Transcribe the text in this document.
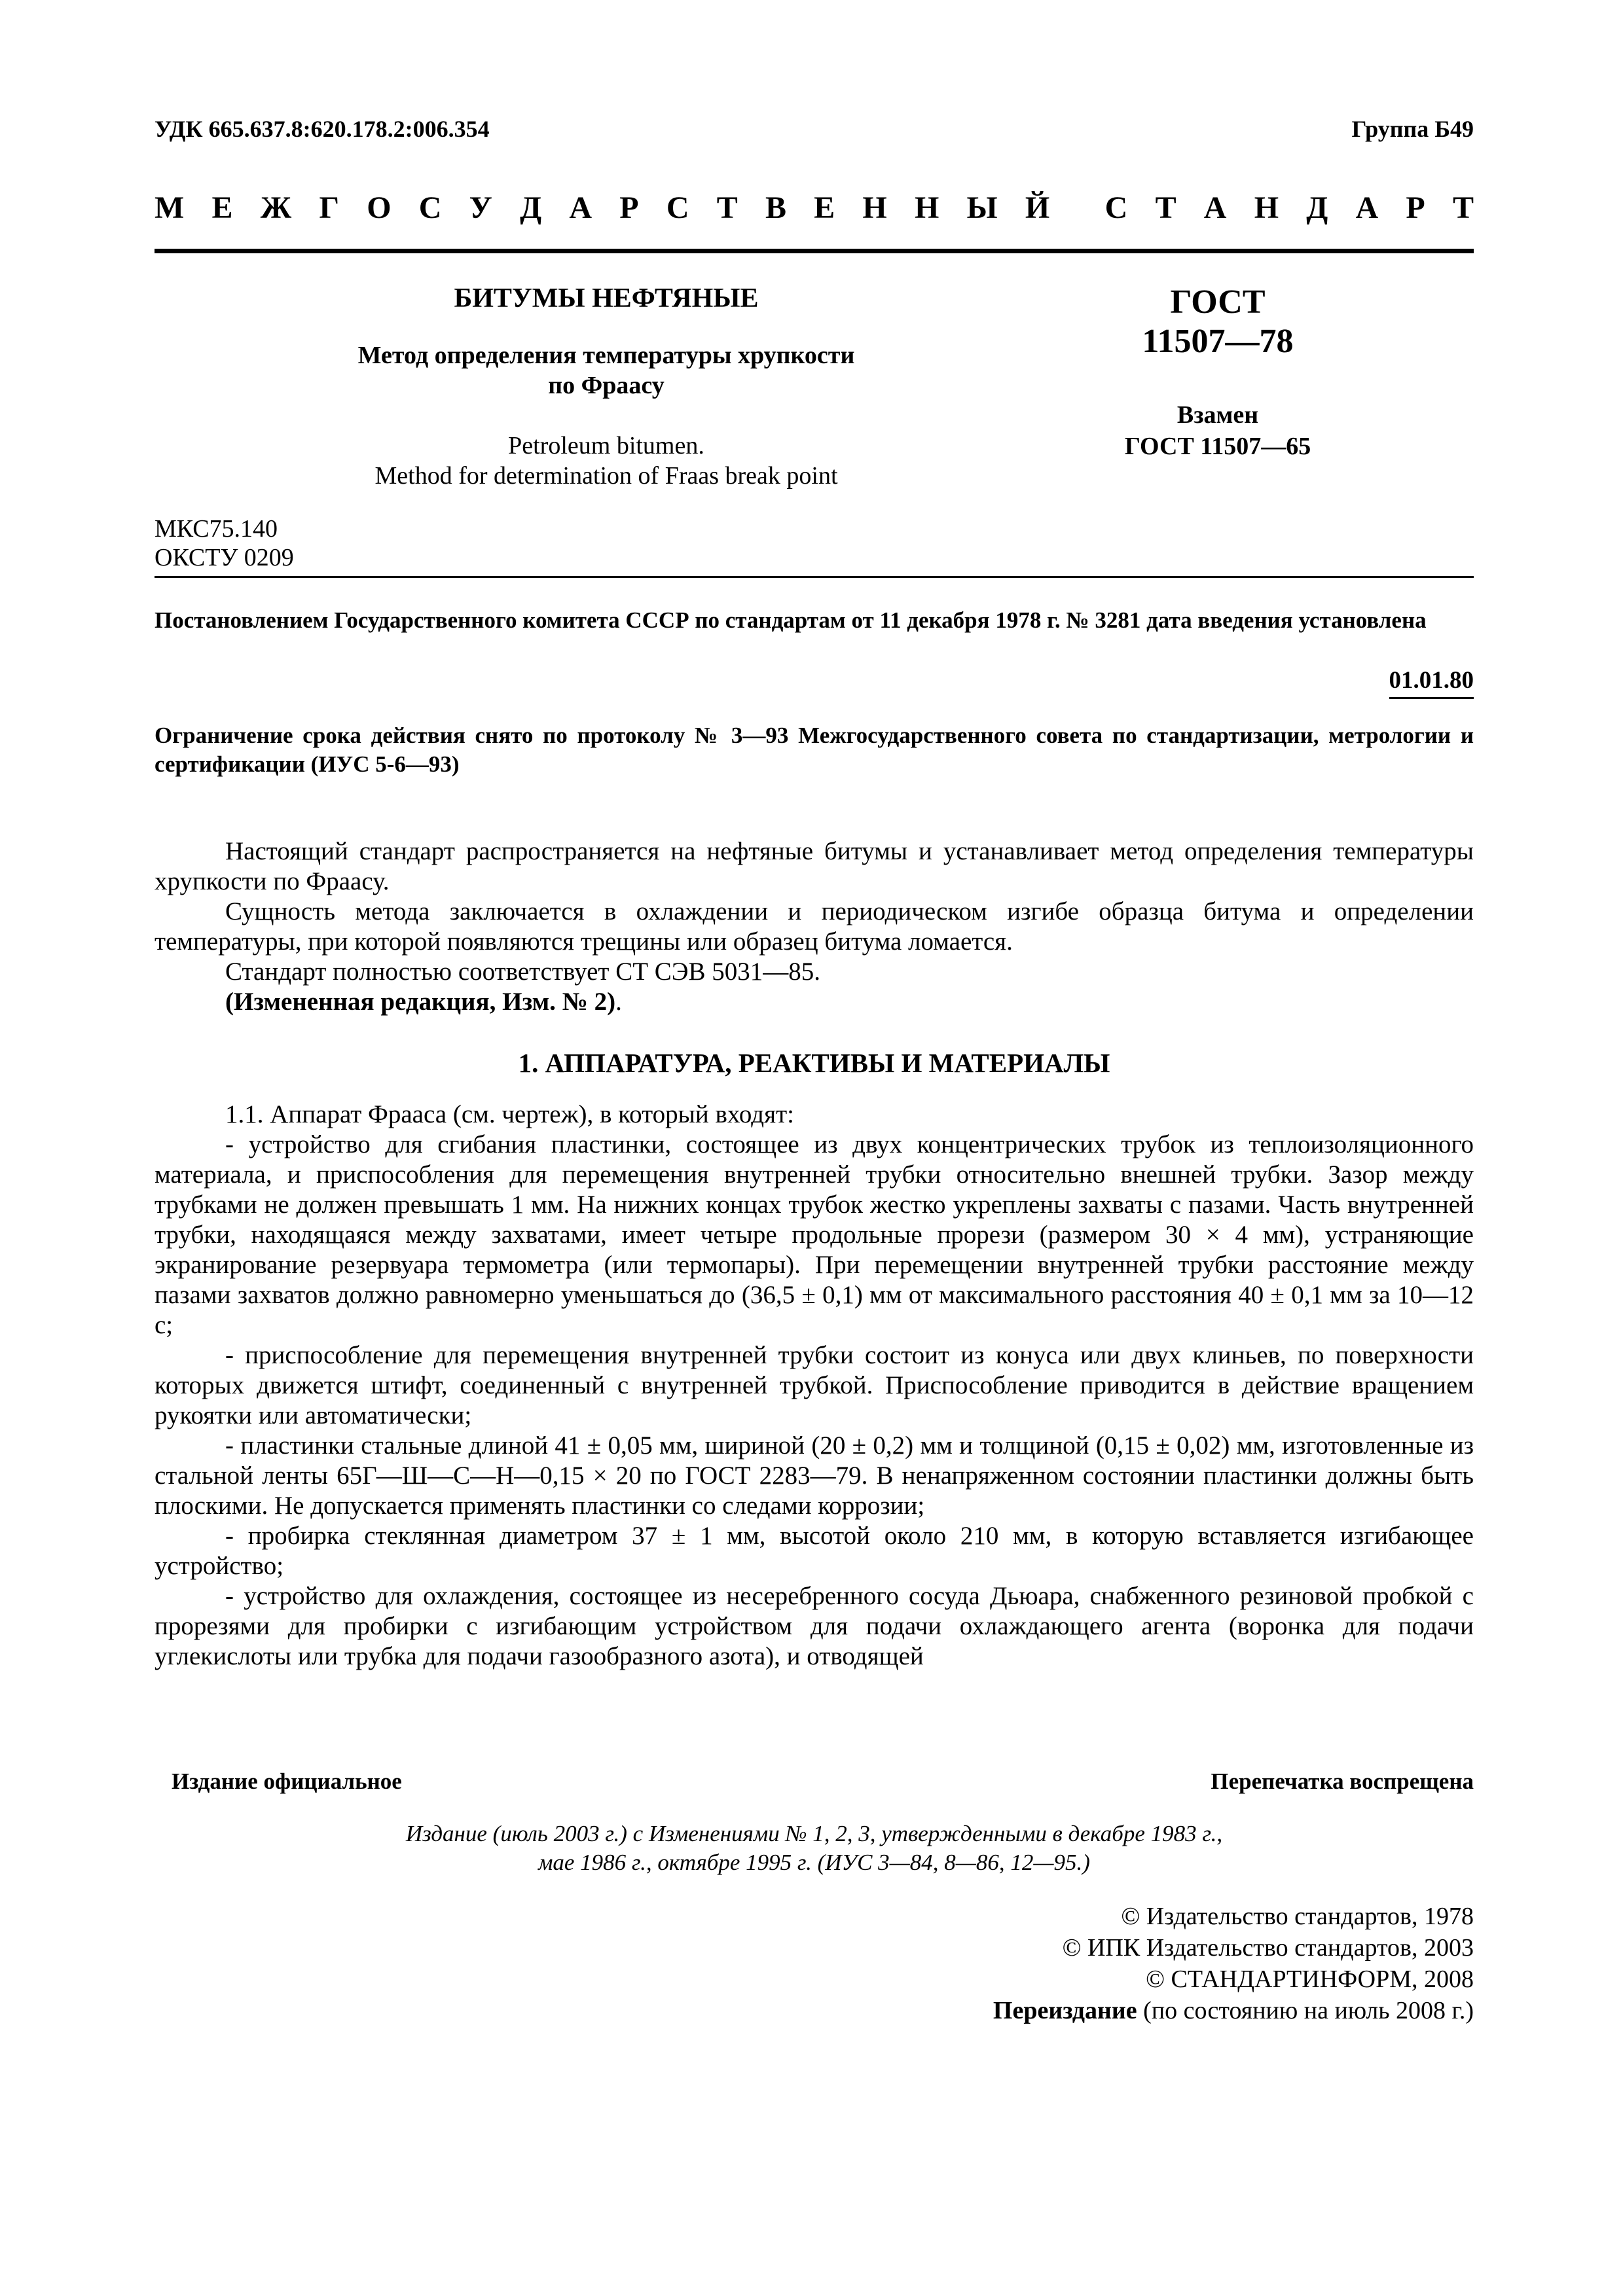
УДК 665.637.8:620.178.2:006.354	Группа Б49
М Е Ж Г О С У Д А Р С Т В Е Н Н Ы Й С Т А Н Д А Р Т
БИТУМЫ НЕФТЯНЫЕ
Метод определения температуры хрупкости
по Фраасу
Petroleum bitumen.
Method for determination of Fraas break point
ГОСТ
11507—78
Взамен
ГОСТ 11507—65
МКС75.140
ОКСТУ 0209
Постановлением Государственного комитета СССР по стандартам от 11 декабря 1978 г. № 3281 дата введения установлена
01.01.80
Ограничение срока действия снято по протоколу № 3—93 Межгосударственного совета по стандартизации, метрологии и сертификации (ИУС 5-6—93)

Настоящий стандарт распространяется на нефтяные битумы и устанавливает метод определения температуры хрупкости по Фраасу.

Сущность метода заключается в охлаждении и периодическом изгибе образца битума и определении температуры, при которой появляются трещины или образец битума ломается.

Стандарт полностью соответствует СТ СЭВ 5031—85.

(Измененная редакция, Изм. № 2).

1. АППАРАТУРА, РЕАКТИВЫ И МАТЕРИАЛЫ

1.1. Аппарат Фрааса (см. чертеж), в который входят:

- устройство для сгибания пластинки, состоящее из двух концентрических трубок из теплоизоляционного материала, и приспособления для перемещения внутренней трубки относительно внешней трубки. Зазор между трубками не должен превышать 1 мм. На нижних концах трубок жестко укреплены захваты с пазами. Часть внутренней трубки, находящаяся между захватами, имеет четыре продольные прорези (размером 30 × 4 мм), устраняющие экранирование резервуара термометра (или термопары). При перемещении внутренней трубки расстояние между пазами захватов должно равномерно уменьшаться до (36,5 ± 0,1) мм от максимального расстояния 40 ± 0,1 мм за 10—12 с;

- приспособление для перемещения внутренней трубки состоит из конуса или двух клиньев, по поверхности которых движется штифт, соединенный с внутренней трубкой. Приспособление приводится в действие вращением рукоятки или автоматически;

- пластинки стальные длиной 41 ± 0,05 мм, шириной (20 ± 0,2) мм и толщиной (0,15 ± 0,02) мм, изготовленные из стальной ленты 65Г—Ш—С—Н—0,15 × 20 по ГОСТ 2283—79. В ненапряженном состоянии пластинки должны быть плоскими. Не допускается применять пластинки со следами коррозии;

- пробирка стеклянная диаметром 37 ± 1 мм, высотой около 210 мм, в которую вставляется изгибающее устройство;

- устройство для охлаждения, состоящее из несеребренного сосуда Дьюара, снабженного резиновой пробкой с прорезями для пробирки с изгибающим устройством для подачи охлаждающего агента (воронка для подачи углекислоты или трубка для подачи газообразного азота), и отводящей

Издание официальное	Перепечатка воспрещена
Издание (июль 2003 г.) с Изменениями № 1, 2, 3, утвержденными в декабре 1983 г.,
мае 1986 г., октябре 1995 г. (ИУС 3—84, 8—86, 12—95.)
© Издательство стандартов, 1978
© ИПК Издательство стандартов, 2003
© СТАНДАРТИНФОРМ, 2008
Переиздание (по состоянию на июль 2008 г.)
